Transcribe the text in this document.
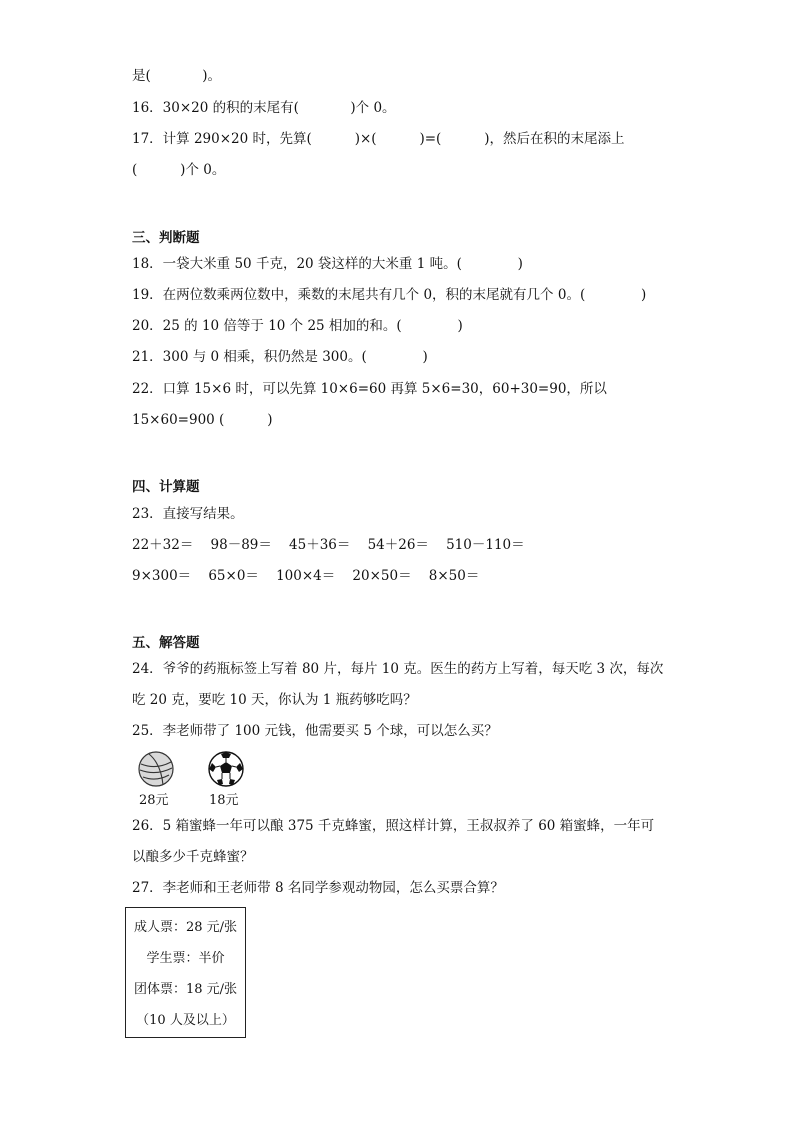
是(            )。
16．30×20 的积的末尾有(            )个 0。
17．计算 290×20 时，先算(          )×(          )=(          )，然后在积的末尾添上
(          )个 0。
三、判断题
18．一袋大米重 50 千克，20 袋这样的大米重 1 吨。(             )
19．在两位数乘两位数中，乘数的末尾共有几个 0，积的末尾就有几个 0。(             )
20．25 的 10 倍等于 10 个 25 相加的和。(             )
21．300 与 0 相乘，积仍然是 300。(             )
22．口算 15×6 时，可以先算 10×6=60 再算 5×6=30，60+30=90，所以
15×60=900 (          )
四、计算题
23．直接写结果。
22＋32＝    98－89＝    45＋36＝    54＋26＝    510－110＝
9×300＝    65×0＝    100×4＝    20×50＝    8×50＝
五、解答题
24．爷爷的药瓶标签上写着 80 片，每片 10 克。医生的药方上写着，每天吃 3 次，每次
吃 20 克，要吃 10 天，你认为 1 瓶药够吃吗？
25．李老师带了 100 元钱，他需要买 5 个球，可以怎么买？
28元	18元
26．5 箱蜜蜂一年可以酿 375 千克蜂蜜，照这样计算，王叔叔养了 60 箱蜜蜂，一年可
以酿多少千克蜂蜜？
27．李老师和王老师带 8 名同学参观动物园，怎么买票合算？
成人票：28 元/张
学生票：半价
团体票：18 元/张
（10 人及以上）
